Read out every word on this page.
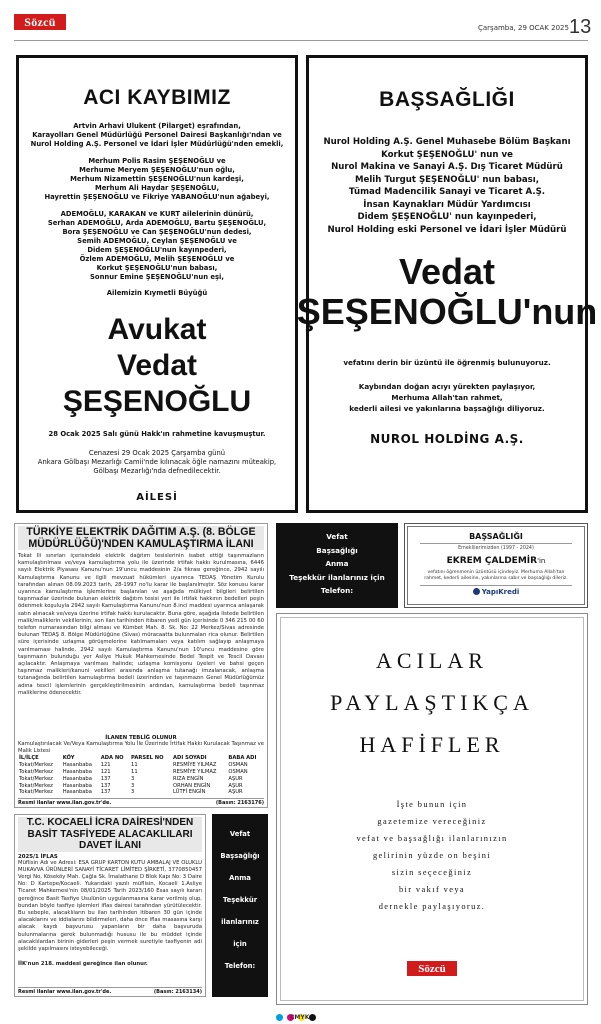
Sözcü	Çarşamba, 29 OCAK 2025 13
ACI KAYBIMIZ
Artvin Arhavi Ulukent (Pilarget) eşrafından,
Karayolları Genel Müdürlüğü Personel Dairesi Başkanlığı'ndan ve
Nurol Holding A.Ş. Personel ve İdari İşler Müdürlüğü'nden emekli,
Merhum Polis Rasim ŞEŞENOĞLU ve
Merhume Meryem ŞEŞENOĞLU'nun oğlu,
Merhum Nizamettin ŞEŞENOĞLU'nun kardeşi,
Merhum Ali Haydar ŞEŞENOĞLU,
Hayrettin ŞEŞENOĞLU ve Fikriye YABANOĞLU'nun ağabeyi,
ADEMOĞLU, KARAKAN ve KURT ailelerinin dünürü,
Serhan ADEMOĞLU, Arda ADEMOĞLU, Bartu ŞEŞENOĞLU,
Bora ŞEŞENOĞLU ve Can ŞEŞENOĞLU'nun dedesi,
Semih ADEMOĞLU, Ceylan ŞEŞENOĞLU ve
Didem ŞEŞENOĞLU'nun kayınpederi,
Özlem ADEMOĞLU, Melih ŞEŞENOĞLU ve
Korkut ŞEŞENOĞLU'nun babası,
Sonnur Emine ŞEŞENOĞLU'nun eşi,
Ailemizin Kıymetli Büyüğü
Avukat
Vedat ŞEŞENOĞLU
28 Ocak 2025 Salı günü Hakk'ın rahmetine kavuşmuştur.
Cenazesi 29 Ocak 2025 Çarşamba günü
Ankara Gölbaşı Mezarlığı Camii'nde kılınacak öğle namazını müteakip,
Gölbaşı Mezarlığı'nda defnedilecektir.
AİLESİ
BAŞSAĞLIĞI
Nurol Holding A.Ş. Genel Muhasebe Bölüm Başkanı
Korkut ŞEŞENOĞLU' nun ve
Nurol Makina ve Sanayi A.Ş. Dış Ticaret Müdürü
Melih Turgut ŞEŞENOĞLU' nun babası,
Tümad Madencilik Sanayi ve Ticaret A.Ş.
İnsan Kaynakları Müdür Yardımcısı
Didem ŞEŞENOĞLU' nun kayınpederi,
Nurol Holding eski Personel ve İdari İşler Müdürü
Vedat
ŞEŞENOĞLU'nun
vefatını derin bir üzüntü ile öğrenmiş bulunuyoruz.
Kaybından doğan acıyı yürekten paylaşıyor,
Merhuma Allah'tan rahmet,
kederli ailesi ve yakınlarına başsağlığı diliyoruz.
NUROL HOLDİNG A.Ş.
TÜRKİYE ELEKTRİK DAĞITIM A.Ş. (8. BÖLGE MÜDÜRLÜĞÜ)'NDEN KAMULAŞTIRMA İLANI
Tokat İli sınırları içerisindeki elektrik dağıtım tesislerinin isabet ettiği taşınmazların kamulaştırılması ve/veya kamulaştırma yolu ile üzerinde irtifak hakkı kurulmasına, 6446 sayılı Elektrik Piyasası Kanunu'nun 19'uncu maddesinin 2/a fıkrası gereğince, 2942 sayılı Kamulaştırma Kanunu ve ilgili mevzuat hükümleri uyarınca TEDAŞ Yönetim Kurulu tarafından alınan 08.09.2023 tarih, 28-1997 no'lu karar ile başlanılmıştır. Söz konusu karar uyarınca kamulaştırma işlemlerine başlanılan ve aşağıda mülkiyet bilgileri belirtilen taşınmazlar üzerinde bulunan elektrik dağıtım tesisi yeri ile irtifak hakkının bedelleri peşin ödenmek koşuluyla 2942 sayılı Kamulaştırma Kanunu'nun 8.inci maddesi uyarınca anlaşarak satın alınacak ve/veya üzerine irtifak hakkı kurulacaktır. Buna göre, aşağıda listede belirtilen malik/maliklerin vekillerinin, son ilan tarihinden itibaren yedi gün içerisinde 0 346 215 00 60 telefon numarasından bilgi alması ve Kümbet Mah. 8. Sk. No: 22 Merkez/Sivas adresinde bulunan TEDAŞ 8. Bölge Müdürlüğüne (Sivas) müracaatta bulunmaları rica olunur. Belirtilen süre içerisinde uzlaşma görüşmelerine katılmamaları veya katılım sağlayıp anlaşmaya varılmaması halinde, 2942 sayılı Kamulaştırma Kanunu'nun 10'uncu maddesine göre taşınmazın bulunduğu yer Asliye Hukuk Mahkemesinde Bedel Tespit ve Tescil Davası açılacaktır. Anlaşmaya varılması halinde; uzlaşma komisyonu üyeleri ve bahsi geçen taşınmaz malikleri/kanuni vekilleri arasında anlaşma tutanağı imzalanacak, anlaşma tutanağında belirtilen kamulaştırma bedeli üzerinden ve taşınmazın Genel Müdürlüğümüz adına tescil işlemlerinin gerçekleştirilmesinin ardından, kamulaştırma bedeli taşınmaz maliklerine ödenecektir.
İLANEN TEBLİĞ OLUNUR
Kamulaştırılacak Ve/Veya Kamulaştırma Yolu İle Üzerinde İrtifak Hakkı Kurulacak Taşınmaz ve Malik Listesi
İL/İLÇE	KÖY	ADA NO	PARSEL NO	ADI SOYADI	BABA ADI
Tokat/Merkez	Hasanbaba	121	11	RESMİYE YILMAZ	OSMAN
Tokat/Merkez	Hasanbaba	121	11	RESMİYE YILMAZ	OSMAN
Tokat/Merkez	Hasanbaba	137	3	RIZA ENGİN	AŞUR
Tokat/Merkez	Hasanbaba	137	3	ORHAN ENGİN	AŞUR
Tokat/Merkez	Hasanbaba	137	3	LÜTFİ ENGİN	AŞUR
Resmi ilanlar www.ilan.gov.tr'de.	(Basın: 2163176)
Vefat
Başsağlığı
Anma
Teşekkür ilanlarınız için
Telefon:
BAŞSAĞLIĞI
Emeklilerimizden (1997 - 2024)
EKREM ÇALDEMİR'in
vefatını öğrenmenin üzüntüsü içindeyiz. Merhuma Allah'tan rahmet, kederli ailesine, yakınlarına sabır ve başsağlığı dileriz.
YapıKredi
ACILAR
PAYLAŞTIKÇA
HAFİFLER
İşte bunun için
gazetemize vereceğiniz
vefat ve başsağlığı ilanlarınızın
gelirinin yüzde on beşini
sizin seçeceğiniz
bir vakıf veya
dernekle paylaşıyoruz.
Sözcü
T.C. KOCAELİ İCRA DAİRESİ'NDEN BASİT TASFİYEDE ALACAKLILARI DAVET İLANI
2025/1 İFLAS
Müflisin Adı ve Adresi: ESA GRUP KARTON KUTU AMBALAJ VE OLUKLU MUKAVVA ÜRÜNLERİ SANAYİ TİCARET LİMİTED ŞİRKETİ, 3770850457 Vergi No, Köseköy Mah. Çağla Sk. İmalathane D Blok Kapı No: 3 Daire No: D Kartepe/Kocaeli. Yukarıdaki yazılı müflisin, Kocaeli 1.Asliye Ticaret Mahkemesi'nin 08/01/2025 Tarih 2023/160 Esas sayılı kararı gereğince Basit Tasfiye Usulünün uygulanmasına karar verilmiş olup, bundan böyle tasfiye işlemleri iflas dairesi tarafından yürütülecektir. Bu sebeple, alacaklıların bu ilan tarihinden itibaren 30 gün içinde alacaklarını ve iddialarını bildirmeleri, daha önce iflas masasına karşı alacak kaydı başvurusu yapanların bir daha başvuruda bulunmalarına gerek bulunmadığı hususu ile bu müddet içinde alacaklılardan birinin giderleri peşin vermek suretiyle tasfiyenin adi şekilde yapılmasını isteyebileceği.
İİK'nun 218. maddesi gereğince ilan olunur.
Resmi ilanlar www.ilan.gov.tr'de.	(Basın: 2163134)
Vefat
Başsağlığı
Anma
Teşekkür
ilanlarınız
için
Telefon:
CMYK
